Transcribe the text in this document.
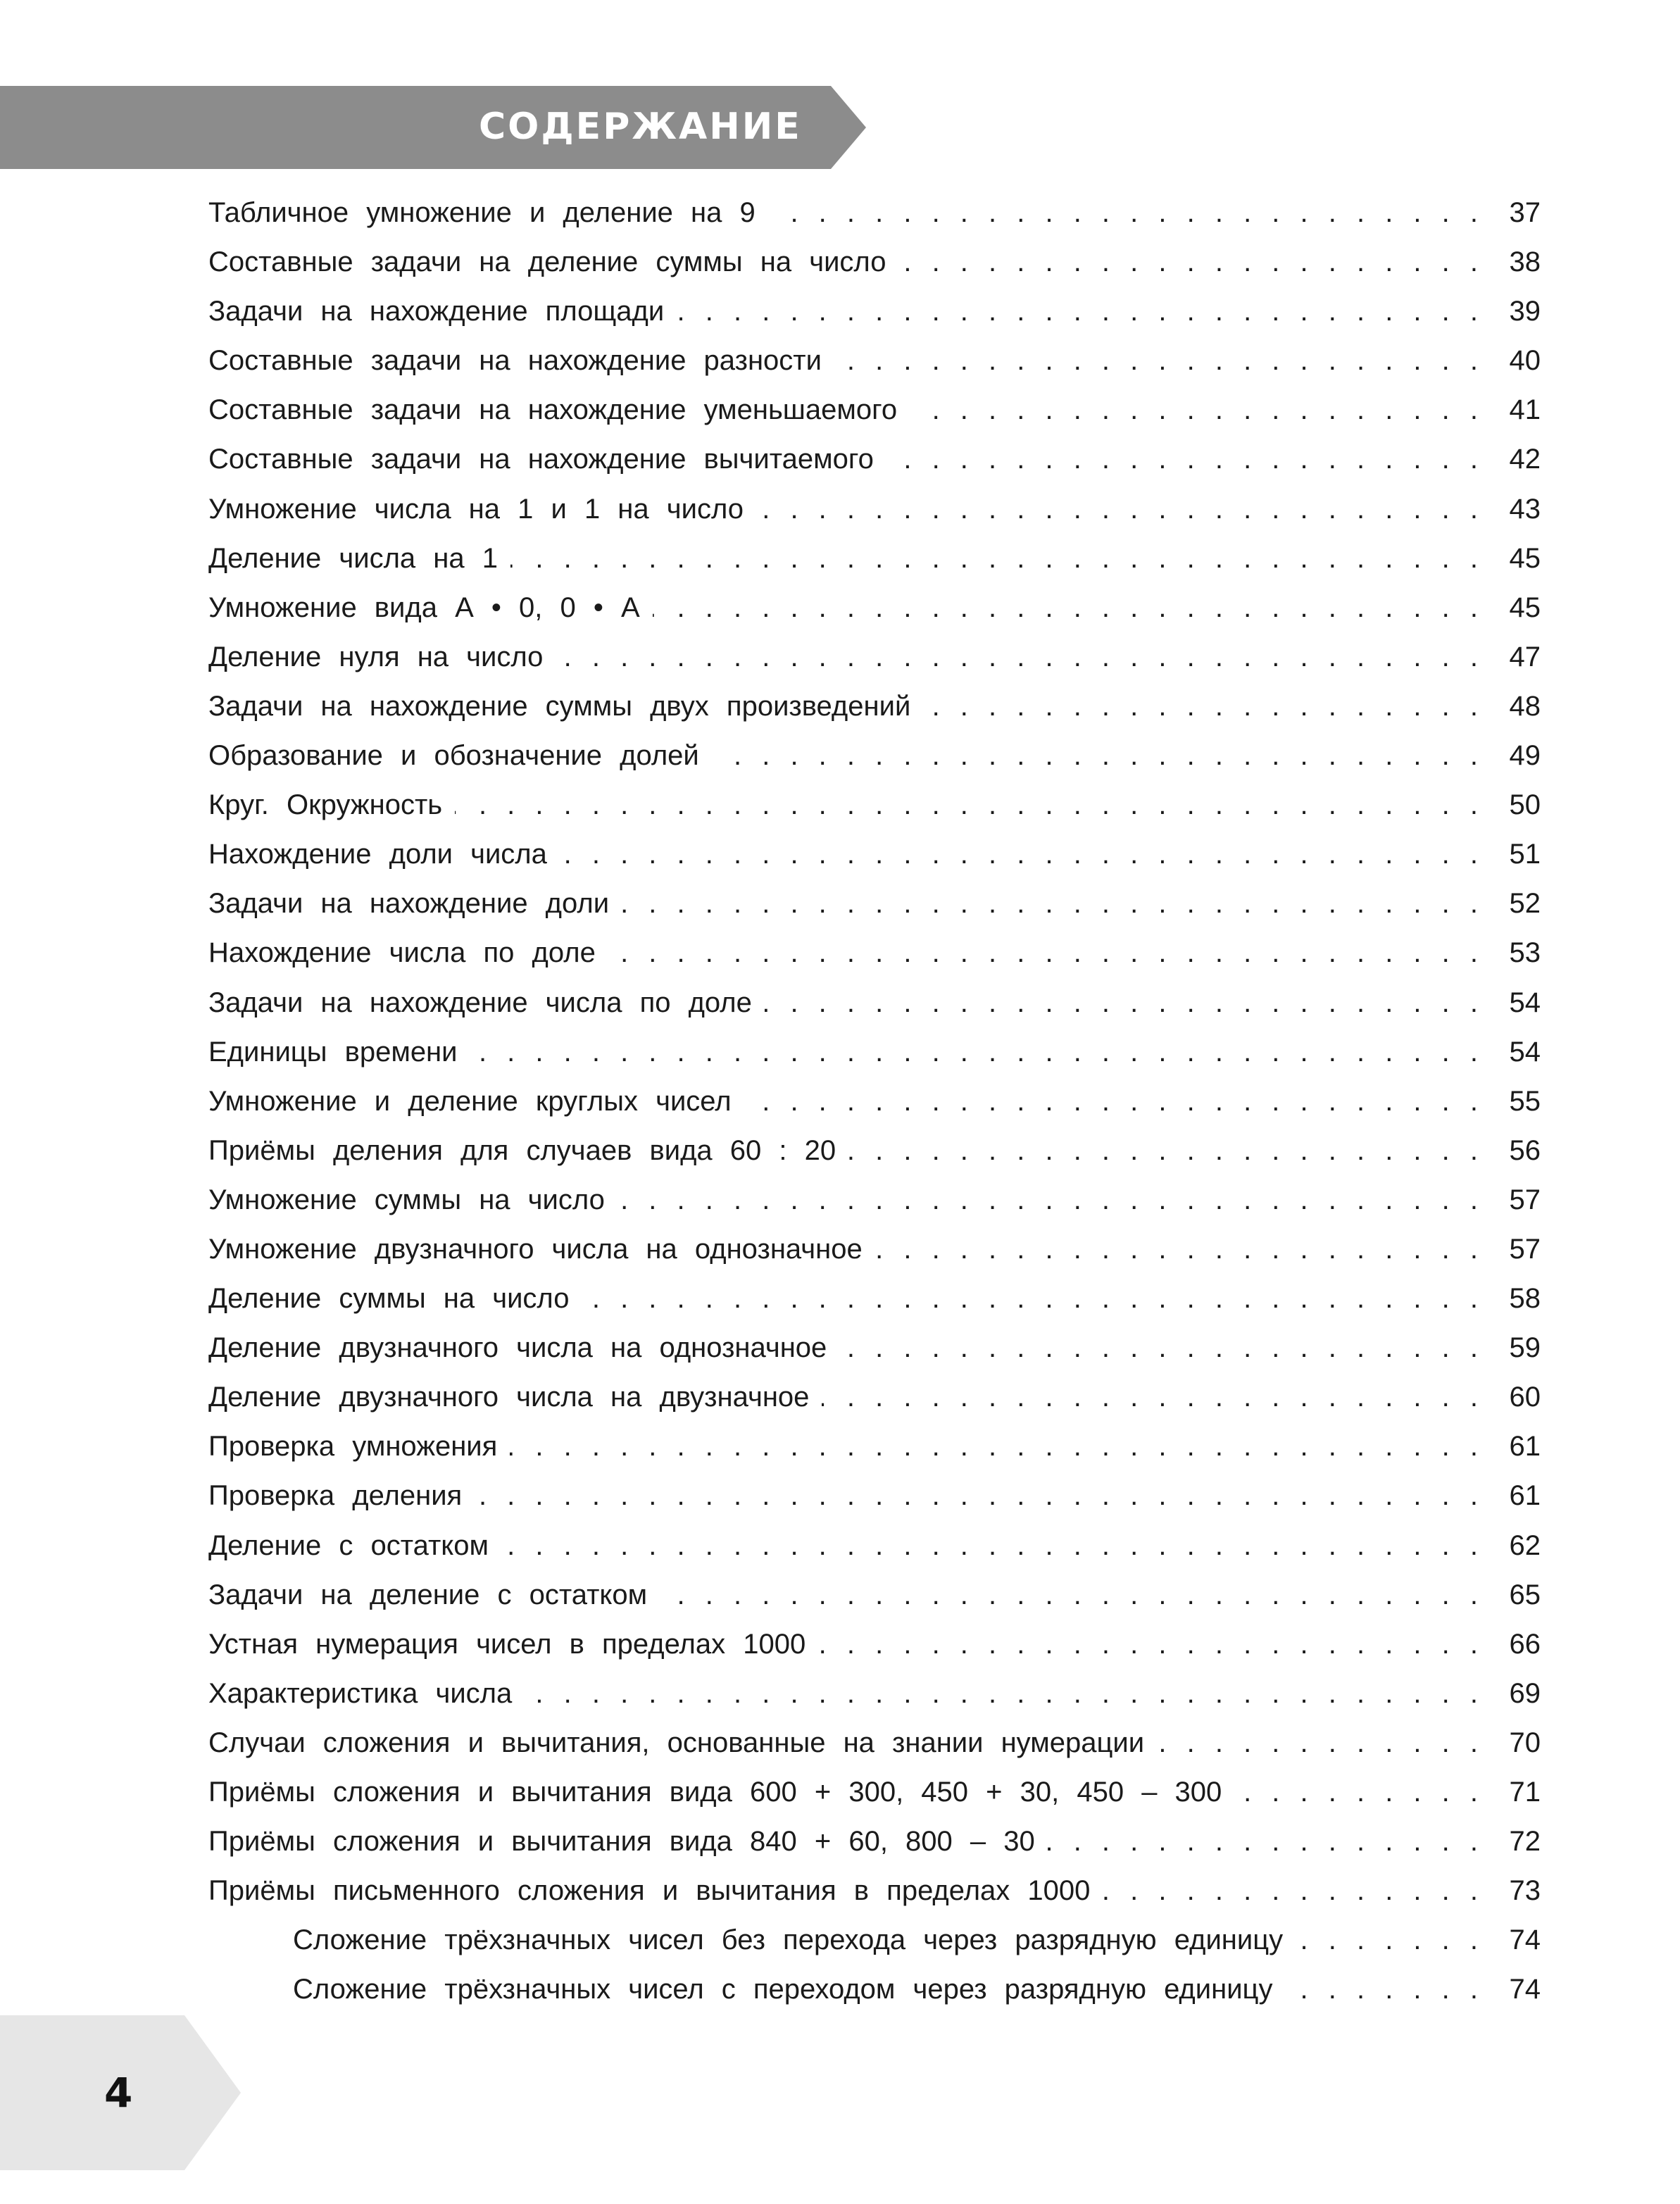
СОДЕРЖАНИЕ
Табличное умножение и деление на 9 . . .	37
Составные задачи на деление суммы на число . . .	38
Задачи на нахождение площади . . .	39
Составные задачи на нахождение разности . . .	40
Составные задачи на нахождение уменьшаемого . . .	41
Составные задачи на нахождение вычитаемого . . .	42
Умножение числа на 1 и 1 на число . . .	43
Деление числа на 1 . . .	45
Умножение вида А • 0, 0 • А . . .	45
Деление нуля на число . . .	47
Задачи на нахождение суммы двух произведений . . .	48
Образование и обозначение долей . . .	49
Круг. Окружность . . .	50
Нахождение доли числа . . .	51
Задачи на нахождение доли . . .	52
Нахождение числа по доле . . .	53
Задачи на нахождение числа по доле . . .	54
Единицы времени . . .	54
Умножение и деление круглых чисел . . .	55
Приёмы деления для случаев вида 60 : 20 . . .	56
Умножение суммы на число . . .	57
Умножение двузначного числа на однозначное . . .	57
Деление суммы на число . . .	58
Деление двузначного числа на однозначное . . .	59
Деление двузначного числа на двузначное . . .	60
Проверка умножения . . .	61
Проверка деления . . .	61
Деление с остатком . . .	62
Задачи на деление с остатком . . .	65
Устная нумерация чисел в пределах 1000 . . .	66
Характеристика числа . . .	69
Случаи сложения и вычитания, основанные на знании нумерации . . .	70
Приёмы сложения и вычитания вида 600 + 300, 450 + 30, 450 – 300 . . .	71
Приёмы сложения и вычитания вида 840 + 60, 800 – 30 . . .	72
Приёмы письменного сложения и вычитания в пределах 1000 . . .	73
Сложение трёхзначных чисел без перехода через разрядную единицу . . .	74
Сложение трёхзначных чисел с переходом через разрядную единицу . . .	74
4
